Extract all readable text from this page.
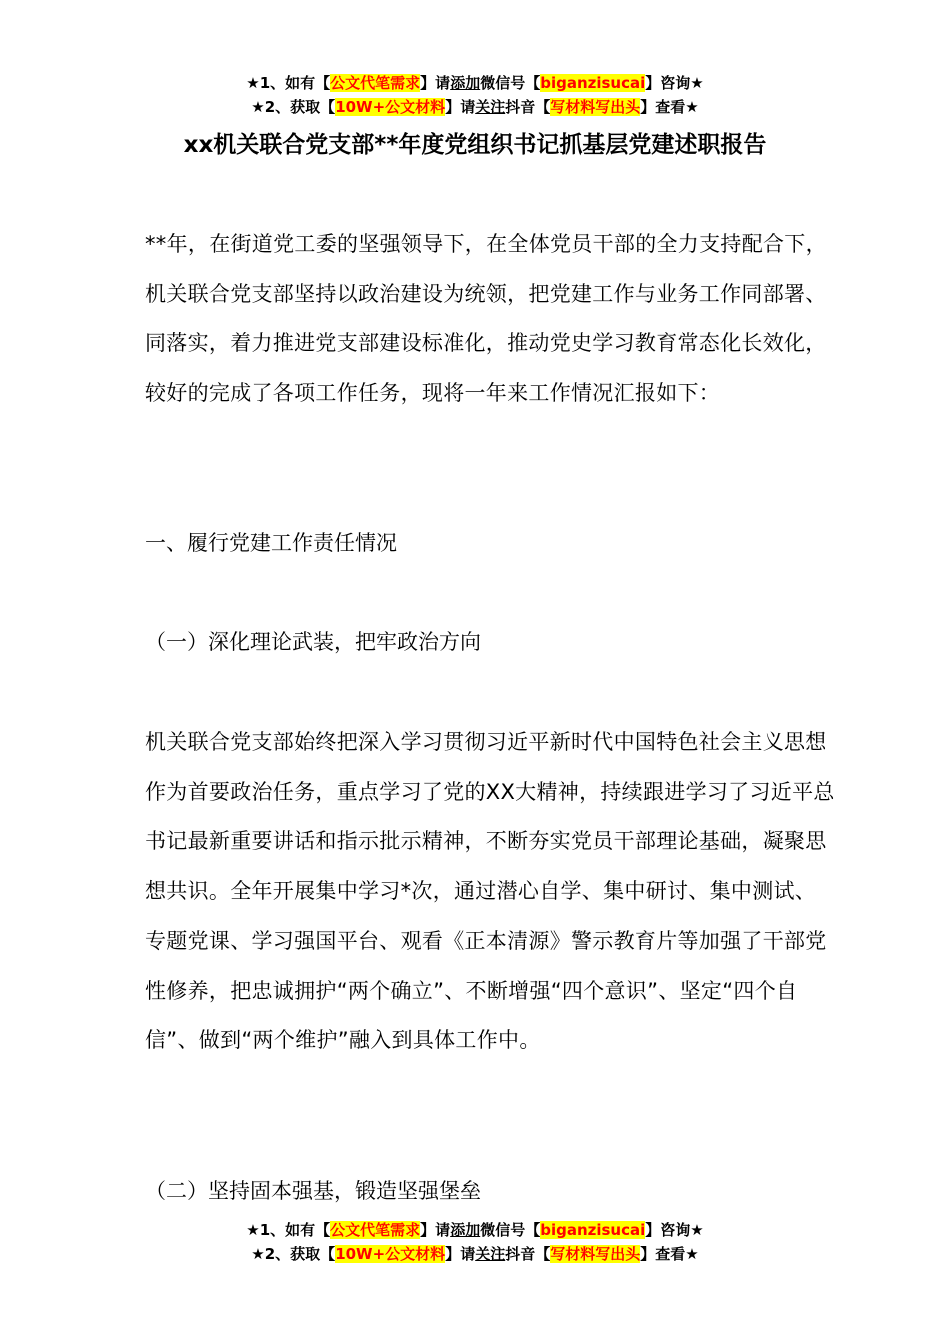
★1、如有【公文代笔需求】请添加微信号【biganzisucai】咨询★
★2、获取【10W+公文材料】请关注抖音【写材料写出头】查看★
xx机关联合党支部**年度党组织书记抓基层党建述职报告
**年，在街道党工委的坚强领导下，在全体党员干部的全力支持配合下，机关联合党支部坚持以政治建设为统领，把党建工作与业务工作同部署、同落实，着力推进党支部建设标准化，推动党史学习教育常态化长效化，较好的完成了各项工作任务，现将一年来工作情况汇报如下：
一、履行党建工作责任情况
（一）深化理论武装，把牢政治方向
机关联合党支部始终把深入学习贯彻习近平新时代中国特色社会主义思想作为首要政治任务，重点学习了党的XX大精神，持续跟进学习了习近平总书记最新重要讲话和指示批示精神，不断夯实党员干部理论基础，凝聚思想共识。全年开展集中学习*次，通过潜心自学、集中研讨、集中测试、专题党课、学习强国平台、观看《正本清源》警示教育片等加强了干部党性修养，把忠诚拥护“两个确立”、不断增强“四个意识”、坚定“四个自信”、做到“两个维护”融入到具体工作中。
（二）坚持固本强基，锻造坚强堡垒
★1、如有【公文代笔需求】请添加微信号【biganzisucai】咨询★
★2、获取【10W+公文材料】请关注抖音【写材料写出头】查看★
